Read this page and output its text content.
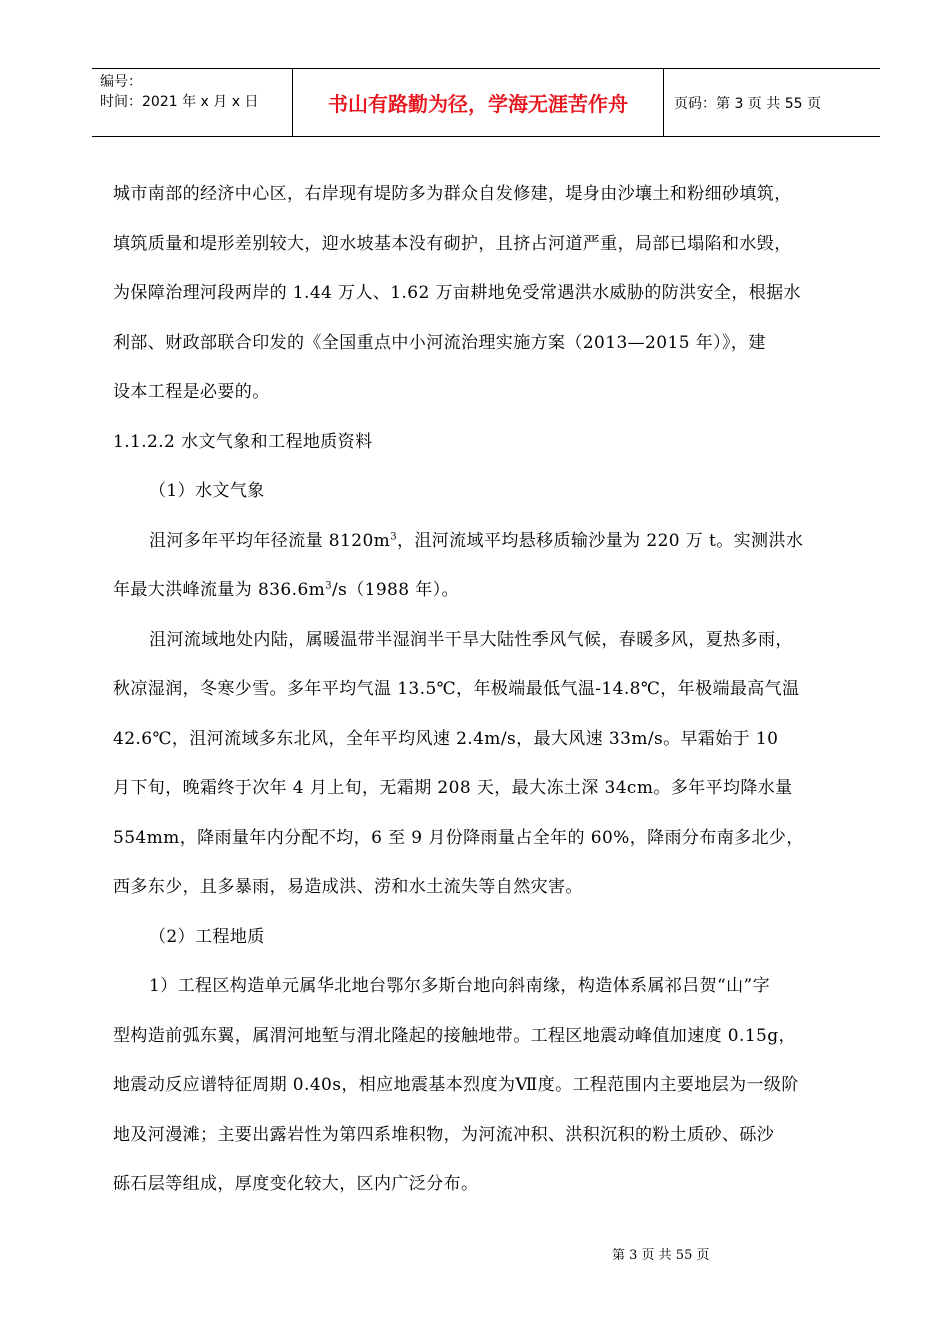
编号：
时间：2021 年 x 月 x 日	书山有路勤为径，学海无涯苦作舟	页码：第 3 页 共 55 页
城市南部的经济中心区，右岸现有堤防多为群众自发修建，堤身由沙壤土和粉细砂填筑，
填筑质量和堤形差别较大，迎水坡基本没有砌护，且挤占河道严重，局部已塌陷和水毁，
为保障治理河段两岸的 1.44 万人、1.62 万亩耕地免受常遇洪水威胁的防洪安全，根据水
利部、财政部联合印发的《全国重点中小河流治理实施方案（2013—2015 年）》，建
设本工程是必要的。
1.1.2.2 水文气象和工程地质资料
（1）水文气象
沮河多年平均年径流量 $8120m^3$，沮河流域平均悬移质输沙量为 220 万 t。实测洪水
年最大洪峰流量为 $836.6m^3/s(1988$ 年）。
沮河流域地处内陆，属暖温带半湿润半干旱大陆性季风气候，春暖多风，夏热多雨，
秋凉湿润，冬寒少雪。多年平均气温 13.5℃，年极端最低气温-14.8℃，年极端最高气温
42.6℃，沮河流域多东北风，全年平均风速 2.4m/s，最大风速 33m/s。早霜始于 10
月下旬，晚霜终于次年 4 月上旬，无霜期 208 天，最大冻土深 34cm。多年平均降水量
554mm，降雨量年内分配不均，6 至 9 月份降雨量占全年的 60%，降雨分布南多北少，
西多东少，且多暴雨，易造成洪、涝和水土流失等自然灾害。
（2）工程地质
1）工程区构造单元属华北地台鄂尔多斯台地向斜南缘，构造体系属祁吕贺“山”字
型构造前弧东翼，属渭河地堑与渭北隆起的接触地带。工程区地震动峰值加速度 0.15g，
地震动反应谱特征周期 0.40s，相应地震基本烈度为Ⅶ度。工程范围内主要地层为一级阶
地及河漫滩；主要出露岩性为第四系堆积物，为河流冲积、洪积沉积的粉土质砂、砾沙
砾石层等组成，厚度变化较大，区内广泛分布。
第 3 页 共 55 页
